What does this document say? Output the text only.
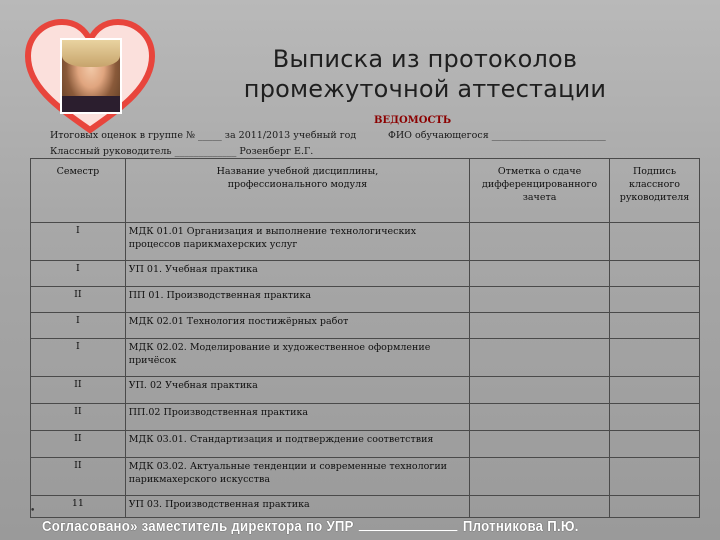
Выписка из протоколов
промежуточной аттестации
ВЕДОМОСТЬ
Итоговых оценок в группе № _____ за 2011/2013 учебный год	ФИО обучающегося ________________________
Классный руководитель _____________ Розенберг Е.Г.
Семестр	Название учебной дисциплины, профессионального модуля	Отметка о сдаче дифференцированного зачета	Подпись классного руководителя
I	МДК 01.01 Организация и выполнение технологических процессов парикмахерских услуг		
I	УП 01. Учебная практика		
II	ПП 01. Производственная практика		
I	МДК 02.01 Технология постижёрных работ		
I	МДК 02.02. Моделирование и художественное оформление причёсок		
II	УП. 02 Учебная практика		
II	ПП.02 Производственная практика		
II	МДК 03.01. Стандартизация и подтверждение соответствия		
II	МДК 03.02. Актуальные тенденции и современные технологии парикмахерского искусства		
11	УП 03. Производственная практика		
•
Согласовано» заместитель директора по УПР	Плотникова П.Ю.
